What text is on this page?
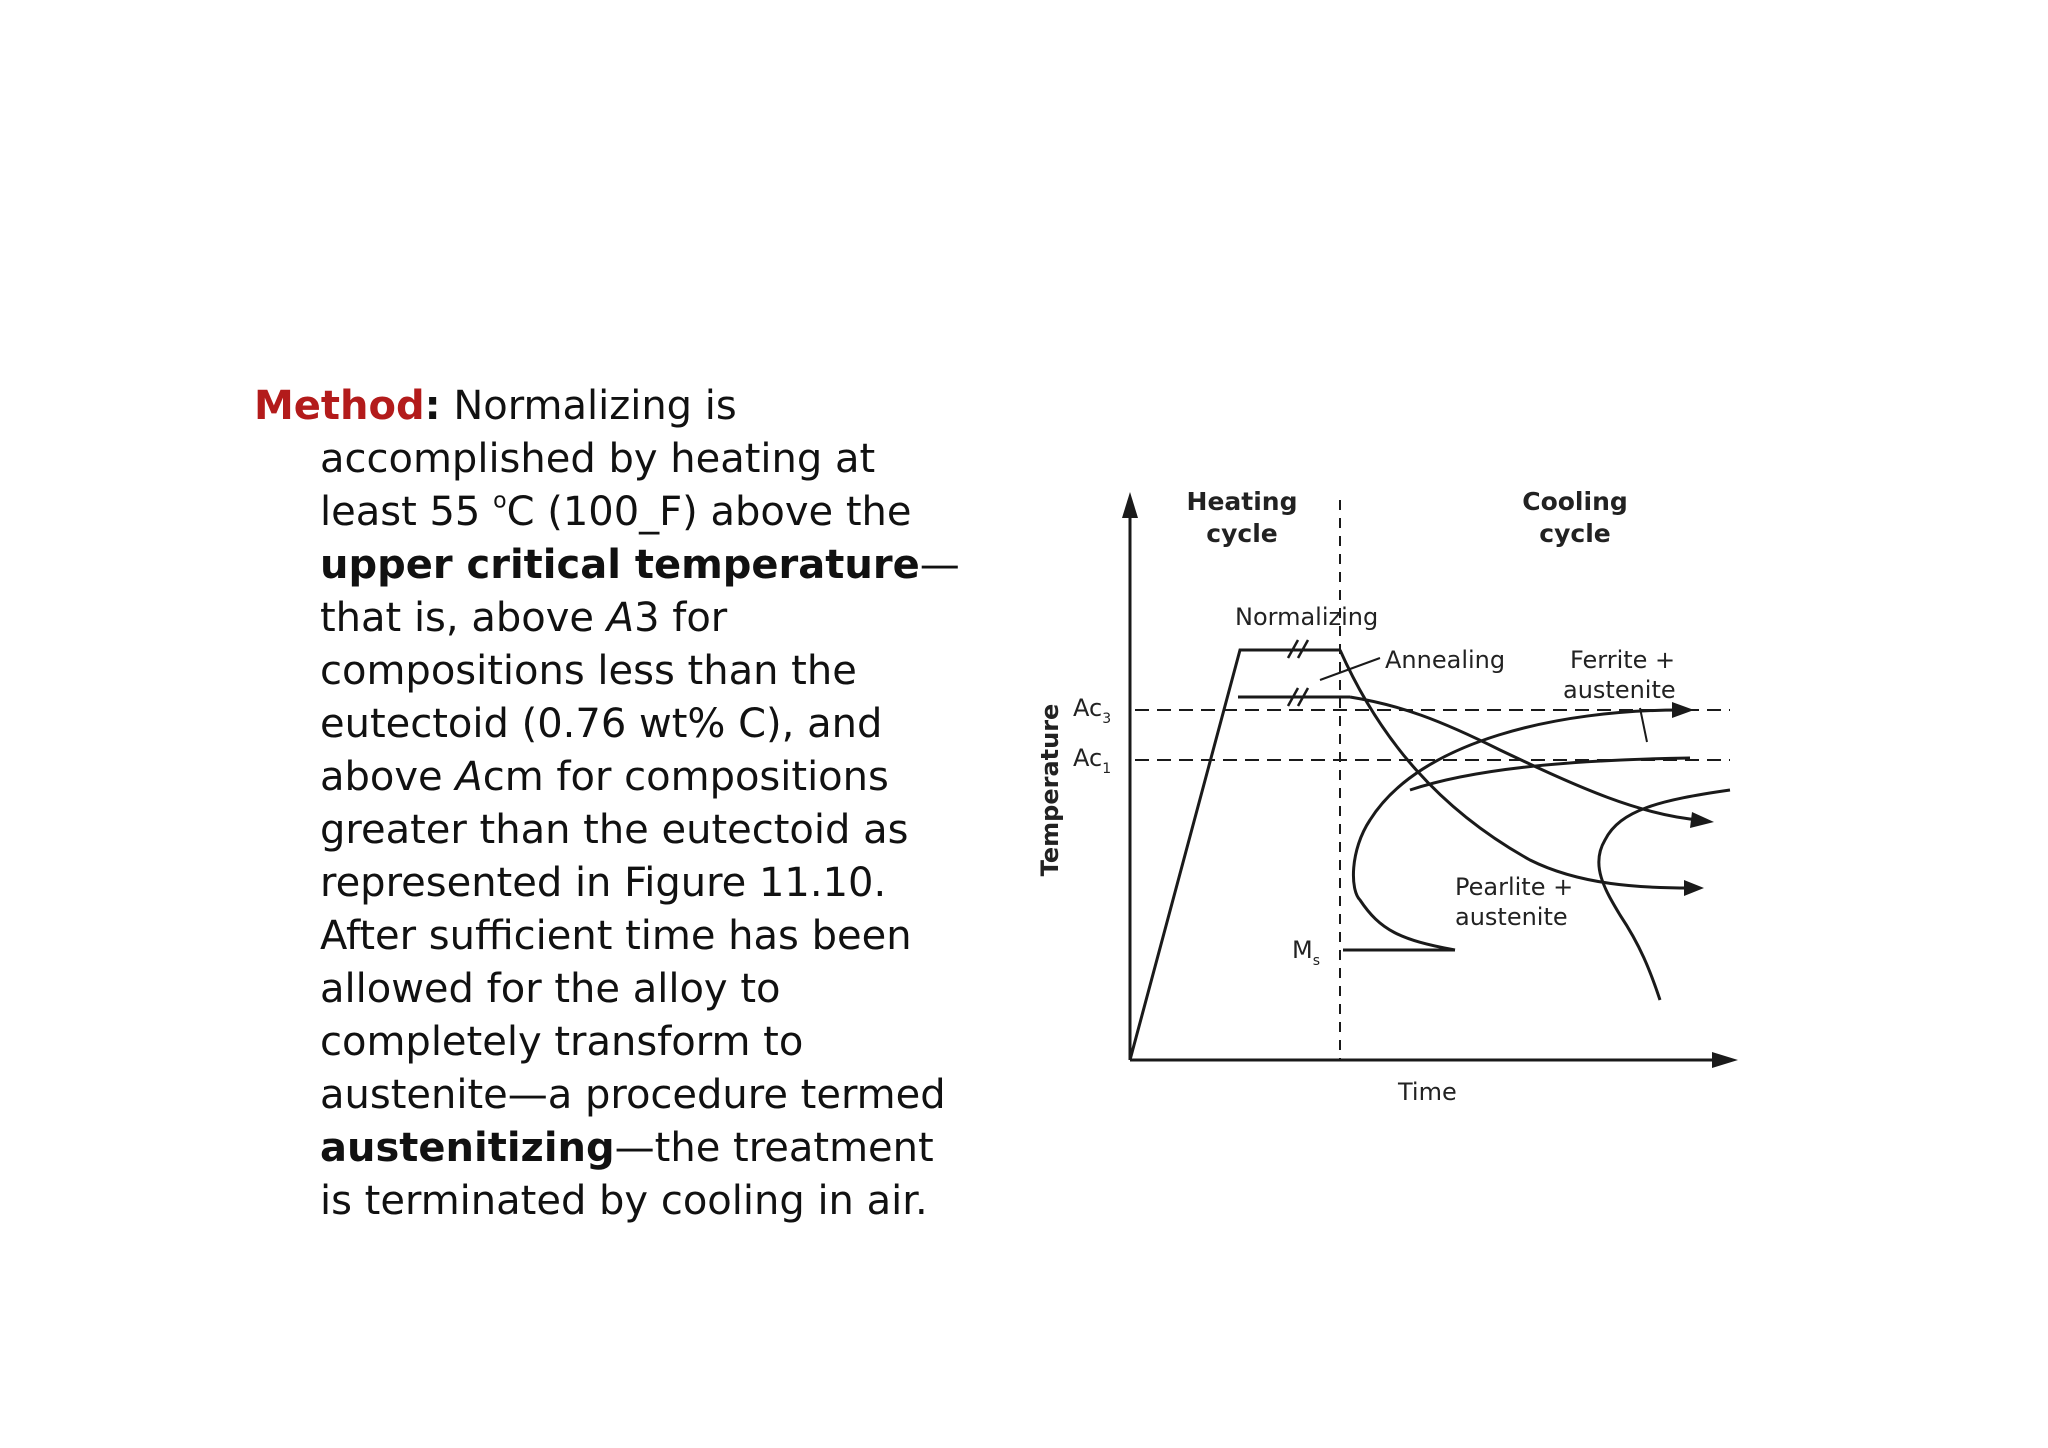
Method: Normalizing is accomplished by heating at least 55 $^o$C (100_F) above the upper critical temperature—that is, above A3 for compositions less than the eutectoid (0.76 wt% C), and above Acm for compositions greater than the eutectoid as represented in Figure 11.10. After sufficient time has been allowed for the alloy to completely transform to austenite—a procedure termed austenitizing—the treatment is terminated by cooling in air.

Heating
cycle
Cooling
cycle
Normalizing
Annealing	Ferrite +
austenite
Pearlite +
austenite
$Ac_3$
$Ac_1$
$M_s$
Time
Temperature
